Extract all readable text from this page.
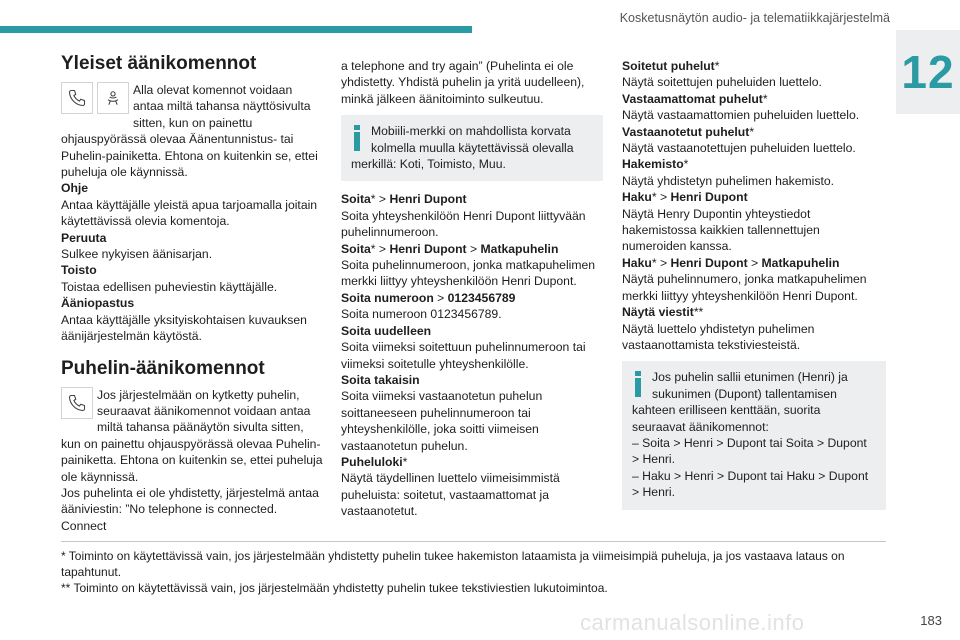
Kosketusnäytön audio- ja telematiikkajärjestelmä
12
Yleiset äänikomennot

Alla olevat komennot voidaan antaa miltä tahansa näyttösivulta sitten, kun on painettu ohjauspyörässä olevaa Äänentunnistus- tai Puhelin-painiketta. Ehtona on kuitenkin se, ettei puheluja ole käynnissä.

Ohje

Antaa käyttäjälle yleistä apua tarjoamalla joitain käytettävissä olevia komentoja.

Peruuta

Sulkee nykyisen äänisarjan.

Toisto

Toistaa edellisen puheviestin käyttäjälle.

Ääniopastus

Antaa käyttäjälle yksityiskohtaisen kuvauksen äänijärjestelmän käytöstä.

Puhelin-äänikomennot

Jos järjestelmään on kytketty puhelin, seuraavat äänikomennot voidaan antaa miltä tahansa päänäytön sivulta sitten, kun on painettu ohjauspyörässä olevaa Puhelin-painiketta. Ehtona on kuitenkin se, ettei puheluja ole käynnissä.

Jos puhelinta ei ole yhdistetty, järjestelmä antaa ääniviestin: ”No telephone is connected. Connect

a telephone and try again” (Puhelinta ei ole yhdistetty. Yhdistä puhelin ja yritä uudelleen), minkä jälkeen äänitoiminto sulkeutuu.

Mobiili-merkki on mahdollista korvata kolmella muulla käytettävissä olevalla merkillä: Koti, Toimisto, Muu.

Soita* > Henri Dupont

Soita yhteyshenkilöön Henri Dupont liittyvään puhelinnumeroon.

Soita* > Henri Dupont > Matkapuhelin

Soita puhelinnumeroon, jonka matkapuhelimen merkki liittyy yhteyshenkilöön Henri Dupont.

Soita numeroon > 0123456789

Soita numeroon 0123456789.

Soita uudelleen

Soita viimeksi soitettuun puhelinnumeroon tai viimeksi soitetulle yhteyshenkilölle.

Soita takaisin

Soita viimeksi vastaanotetun puhelun soittaneeseen puhelinnumeroon tai yhteyshenkilölle, joka soitti viimeisen vastaanotetun puhelun.

Puheluloki*

Näytä täydellinen luettelo viimeisimmistä puheluista: soitetut, vastaamattomat ja vastaanotetut.

Soitetut puhelut*

Näytä soitettujen puheluiden luettelo.

Vastaamattomat puhelut*

Näytä vastaamattomien puheluiden luettelo.

Vastaanotetut puhelut*

Näytä vastaanotettujen puheluiden luettelo.

Hakemisto*

Näytä yhdistetyn puhelimen hakemisto.

Haku* > Henri Dupont

Näytä Henry Dupontin yhteystiedot hakemistossa kaikkien tallennettujen numeroiden kanssa.

Haku* > Henri Dupont > Matkapuhelin

Näytä puhelinnumero, jonka matkapuhelimen merkki liittyy yhteyshenkilöön Henri Dupont.

Näytä viestit**

Näytä luettelo yhdistetyn puhelimen vastaanottamista tekstiviesteistä.

Jos puhelin sallii etunimen (Henri) ja sukunimen (Dupont) tallentamisen kahteen erilliseen kenttään, suorita seuraavat äänikomennot:

– Soita > Henri > Dupont tai Soita > Dupont > Henri.

– Haku > Henri > Dupont tai Haku > Dupont > Henri.

* Toiminto on käytettävissä vain, jos järjestelmään yhdistetty puhelin tukee hakemiston lataamista ja viimeisimpiä puheluja, ja jos vastaava lataus on tapahtunut.

** Toiminto on käytettävissä vain, jos järjestelmään yhdistetty puhelin tukee tekstiviestien lukutoimintoa.

carmanualsonline.info	183
